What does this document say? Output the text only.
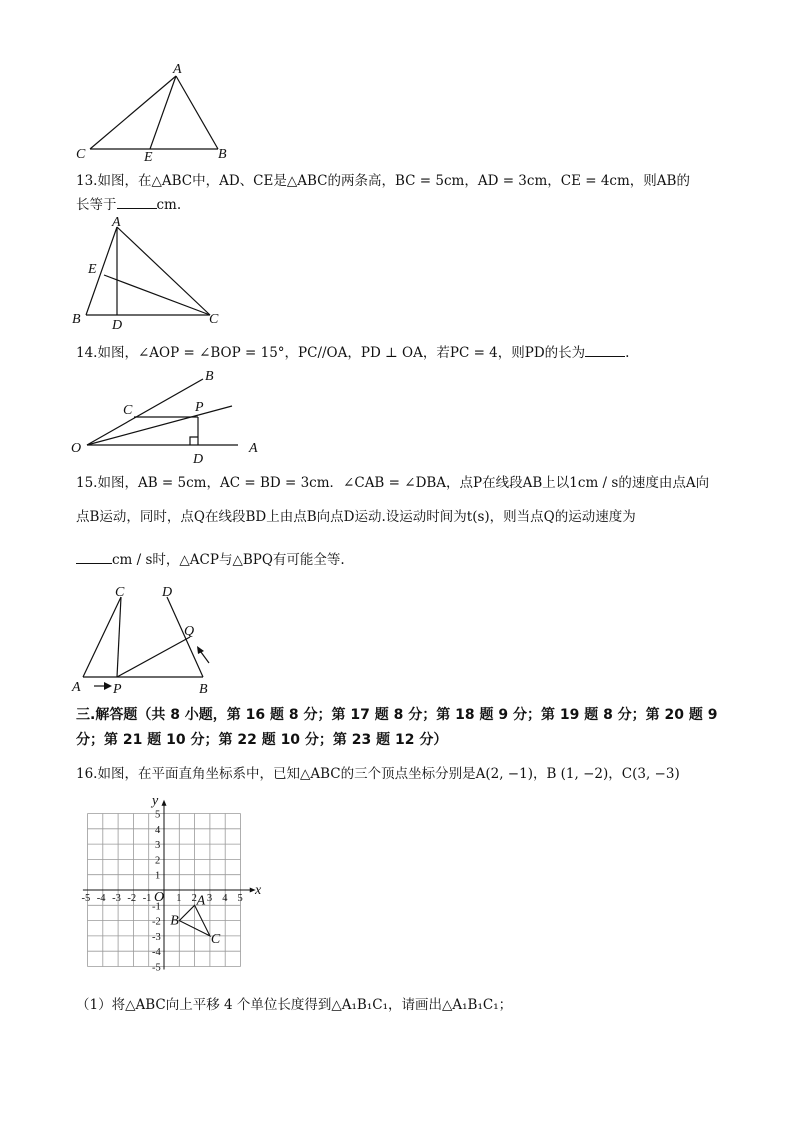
A
C	E	B
13.如图，在△ABC中，AD、CE是△ABC的两条高，BC = 5cm，AD = 3cm，CE = 4cm，则AB的
长等于	cm.
A
E
B D	C
14.如图，∠AOP = ∠BOP = 15°，PC//OA，PD ⊥ OA，若PC = 4，则PD的长为	.
B
C	P
O	A
D
15.如图，AB = 5cm，AC = BD = 3cm．∠CAB = ∠DBA，点P在线段AB上以1cm / s的速度由点A向
点B运动，同时，点Q在线段BD上由点B向点D运动.设运动时间为t(s)，则当点Q的运动速度为
cm / s时，△ACP与△BPQ有可能全等.
C	D
Q
A P	B
三.解答题（共 8 小题，第 16 题 8 分；第 17 题 8 分；第 18 题 9 分；第 19 题 8 分；第 20 题 9
分；第 21 题 10 分；第 22 题 10 分；第 23 题 12 分）
16.如图，在平面直角坐标系中，已知△ABC的三个顶点坐标分别是A(2, −1)，B (1, −2)，C(3, −3)
x
y
-5 -4 -3 -2 -1 1 2 3 4 5
O
5
4
3
2
1
-1
-2
-3
-4
-5
A
B
C
（1）将△ABC向上平移 4 个单位长度得到△A₁B₁C₁，请画出△A₁B₁C₁；
